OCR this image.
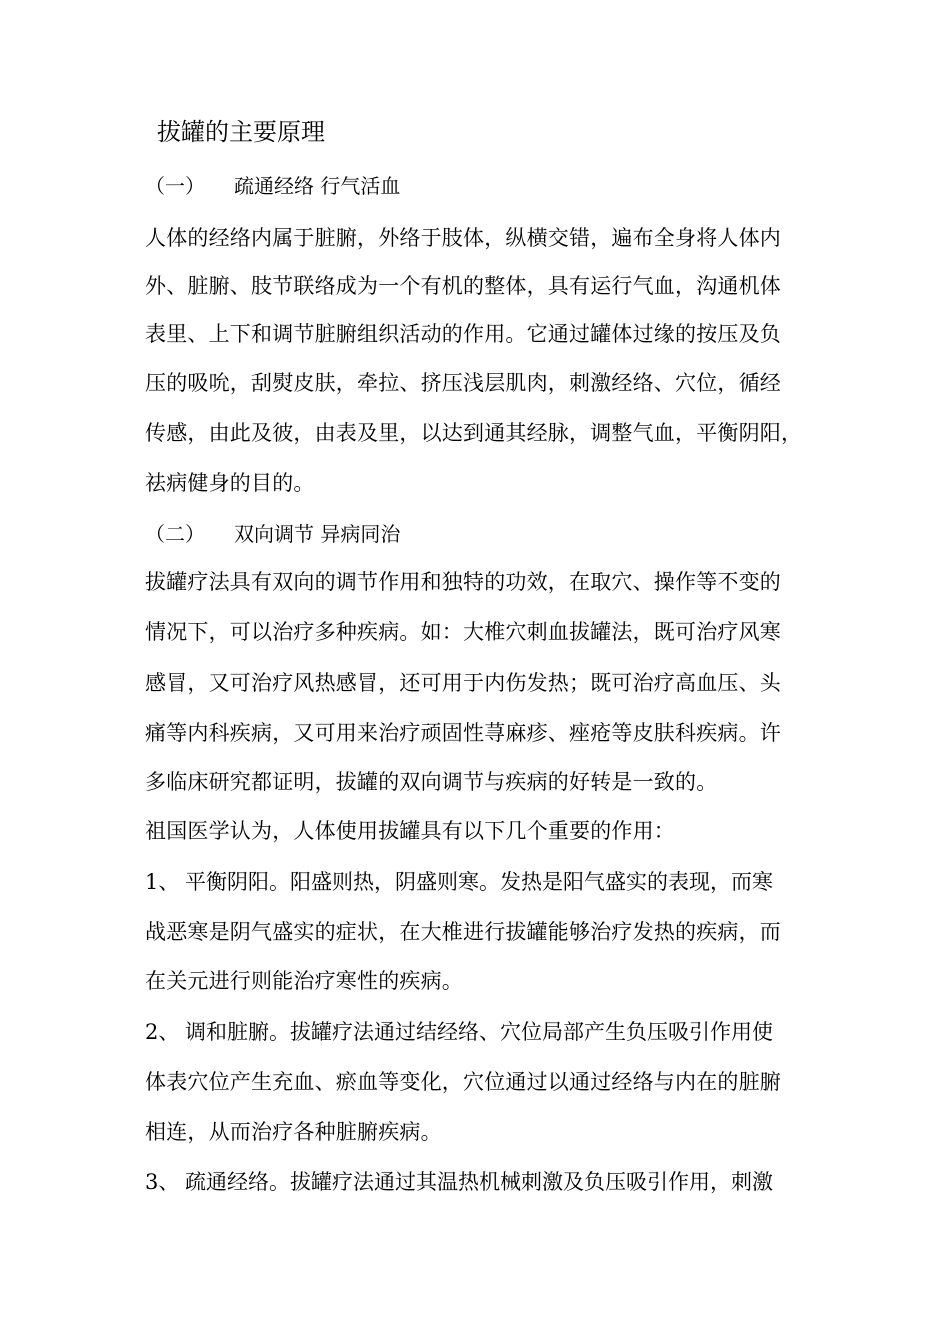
拔罐的主要原理
（一） 疏通经络 行气活血
人体的经络内属于脏腑，外络于肢体，纵横交错，遍布全身将人体内
外、脏腑、肢节联络成为一个有机的整体，具有运行气血，沟通机体
表里、上下和调节脏腑组织活动的作用。它通过罐体过缘的按压及负
压的吸吮，刮熨皮肤，牵拉、挤压浅层肌肉，刺激经络、穴位，循经
传感，由此及彼，由表及里，以达到通其经脉，调整气血，平衡阴阳，
祛病健身的目的。
（二） 双向调节 异病同治
拔罐疗法具有双向的调节作用和独特的功效，在取穴、操作等不变的
情况下，可以治疗多种疾病。如：大椎穴刺血拔罐法，既可治疗风寒
感冒，又可治疗风热感冒，还可用于内伤发热；既可治疗高血压、头
痛等内科疾病，又可用来治疗顽固性荨麻疹、痤疮等皮肤科疾病。许
多临床研究都证明，拔罐的双向调节与疾病的好转是一致的。
祖国医学认为，人体使用拔罐具有以下几个重要的作用：
1、 平衡阴阳。阳盛则热，阴盛则寒。发热是阳气盛实的表现，而寒
战恶寒是阴气盛实的症状，在大椎进行拔罐能够治疗发热的疾病，而
在关元进行则能治疗寒性的疾病。
2、 调和脏腑。拔罐疗法通过结经络、穴位局部产生负压吸引作用使
体表穴位产生充血、瘀血等变化，穴位通过以通过经络与内在的脏腑
相连，从而治疗各种脏腑疾病。
3、 疏通经络。拔罐疗法通过其温热机械刺激及负压吸引作用，刺激
